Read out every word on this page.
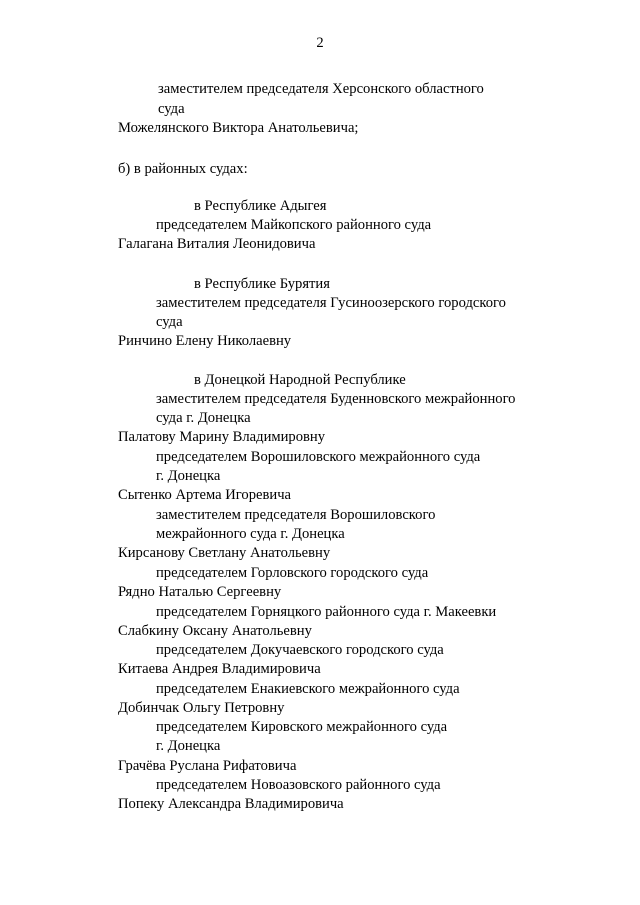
2
заместителем председателя Херсонского областного
суда
Можелянского Виктора Анатольевича;
б) в районных судах:
в Республике Адыгея
председателем Майкопского районного суда
Галагана Виталия Леонидовича
в Республике Бурятия
заместителем председателя Гусиноозерского городского
суда
Ринчино Елену Николаевну
в Донецкой Народной Республике
заместителем председателя Буденновского межрайонного
суда г. Донецка
Палатову Марину Владимировну
председателем Ворошиловского межрайонного суда
г. Донецка
Сытенко Артема Игоревича
заместителем председателя Ворошиловского
межрайонного суда г. Донецка
Кирсанову Светлану Анатольевну
председателем Горловского городского суда
Рядно Наталью Сергеевну
председателем Горняцкого районного суда г. Макеевки
Слабкину Оксану Анатольевну
председателем Докучаевского городского суда
Китаева Андрея Владимировича
председателем Енакиевского межрайонного суда
Добинчак Ольгу Петровну
председателем Кировского межрайонного суда
г. Донецка
Грачёва Руслана Рифатовича
председателем Новоазовского районного суда
Попеку Александра Владимировича
